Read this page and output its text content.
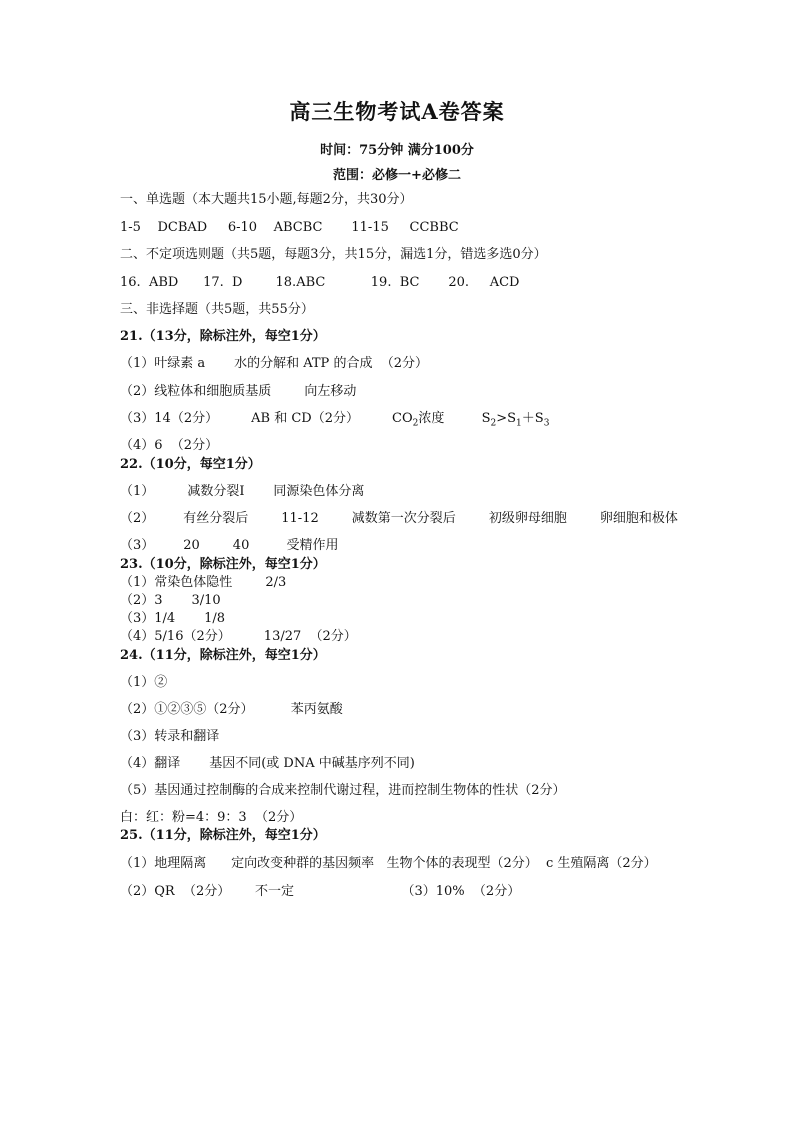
高三生物考试A卷答案
时间：75分钟 满分100分
范围：必修一+必修二
一、单选题（本大题共15小题,每题2分，共30分）
1-5    DCBAD     6-10    ABCBC       11-15     CCBBC
二、不定项选则题（共5题，每题3分，共15分，漏选1分，错选多选0分）
16.  ABD      17.  D        18.ABC           19.  BC       20.     ACD
三、非选择题（共5题，共55分）
21.（13分，除标注外，每空1分）
（1）叶绿素 a       水的分解和 ATP 的合成  （2分）
（2）线粒体和细胞质基质        向左移动
（3）14（2分）        AB 和 CD（2分）        $CO_2$浓度         $S_2>S_1+S_3$
（4）6  （2分）
22.（10分，每空1分）
（1）        减数分裂I       同源染色体分离
（2）       有丝分裂后        11-12        减数第一次分裂后        初级卵母细胞        卵细胞和极体
（3）       20        40         受精作用
23.（10分，除标注外，每空1分）
（1）常染色体隐性        2/3
（2）3       3/10
（3）1/4       1/8
（4）5/16（2分）        13/27  （2分）
24.（11分，除标注外，每空1分）
（1）②
（2）①②③⑤（2分）         苯丙氨酸
（3）转录和翻译
（4）翻译       基因不同(或 DNA 中碱基序列不同)
（5）基因通过控制酶的合成来控制代谢过程，进而控制生物体的性状（2分）
白：红：粉=4：9：3  （2分）
25.（11分，除标注外，每空1分）
（1）地理隔离      定向改变种群的基因频率   生物个体的表现型（2分）  c 生殖隔离（2分）
（2）QR  （2分）      不一定                          （3）10%  （2分）
